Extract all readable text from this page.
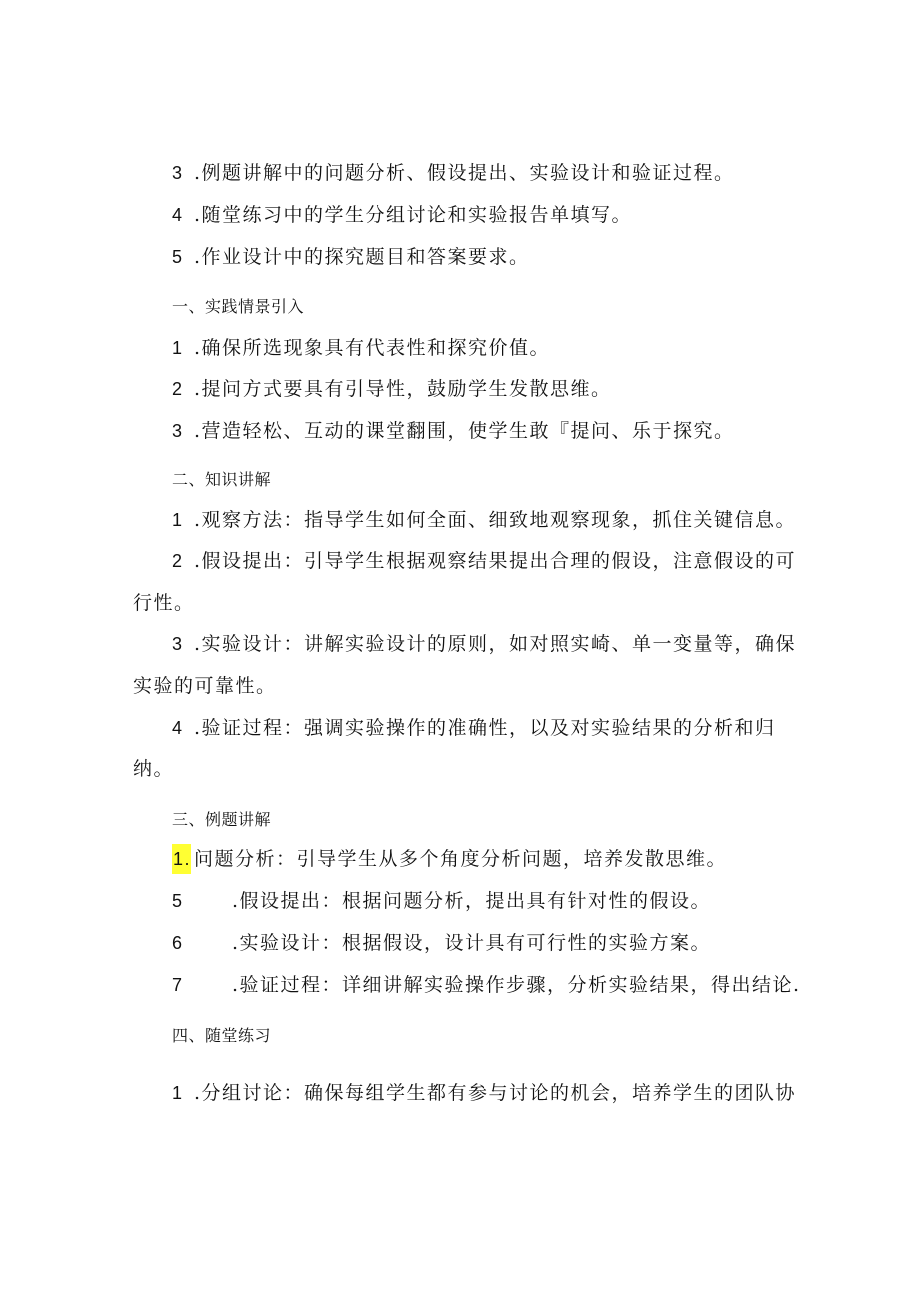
3 .例题讲解中的问题分析、假设提出、实验设计和验证过程。
4 .随堂练习中的学生分组讨论和实验报告单填写。
5 .作业设计中的探究题目和答案要求。
一、实践情景引入
1 .确保所选现象具有代表性和探究价值。
2 .提问方式要具有引导性，鼓励学生发散思维。
3 .营造轻松、互动的课堂翻围，使学生敢『提问、乐于探究。
二、知识讲解
1 .观察方法：指导学生如何全面、细致地观察现象，抓住关键信息。
2 .假设提出：引导学生根据观察结果提出合理的假设，注意假设的可
行性。
3 .实验设计：讲解实验设计的原则，如对照实崎、单一变量等，确保
实验的可靠性。
4 .验证过程：强调实验操作的准确性，以及对实验结果的分析和归
纳。
三、例题讲解
1. 问题分析：引导学生从多个角度分析问题，培养发散思维。
5	.假设提出：根据问题分析，提出具有针对性的假设。
6	.实验设计：根据假设，设计具有可行性的实验方案。
7	.验证过程：详细讲解实验操作步骤，分析实验结果，得出结论.
四、随堂练习
1 .分组讨论：确保每组学生都有参与讨论的机会，培养学生的团队协
